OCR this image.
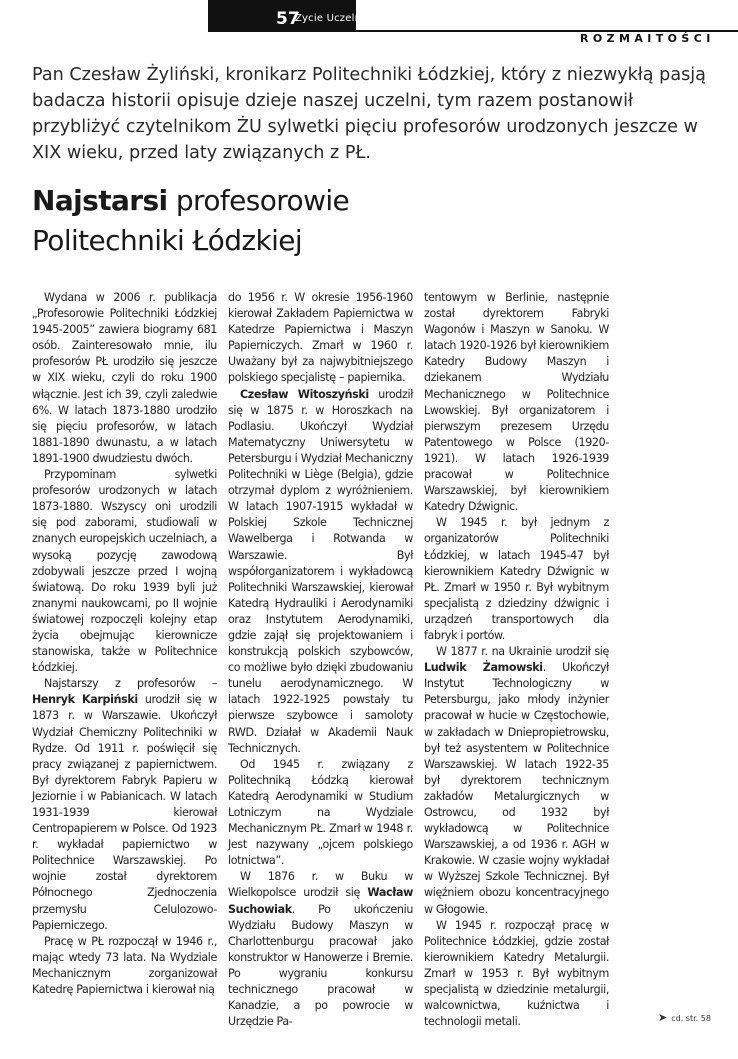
57
Życie Uczelni 3/2011
ROZMAITOŚCI
Pan Czesław Żyliński, kronikarz Politechniki Łódzkiej, który z niezwykłą pasją badacza historii opisuje dzieje naszej uczelni, tym razem postanowił przybliżyć czytelnikom ŻU sylwetki pięciu profesorów urodzonych jeszcze w XIX wieku, przed laty związanych z PŁ.
Najstarsi profesorowie
Politechniki Łódzkiej

Wydana w 2006 r. publikacja „Profesorowie Politechniki Łódzkiej 1945-2005” zawiera biogramy 681 osób. Zainteresowało mnie, ilu profesorów PŁ urodziło się jeszcze w XIX wieku, czyli do roku 1900 włącznie. Jest ich 39, czyli zaledwie 6%. W latach 1873-1880 urodziło się pięciu profesorów, w latach 1881-1890 dwunastu, a w latach 1891-1900 dwudziestu dwóch.

Przypominam sylwetki profesorów urodzonych w latach 1873-1880. Wszyscy oni urodzili się pod zaborami, studiowali w znanych europejskich uczelniach, a wysoką pozycję zawodową zdobywali jeszcze przed I wojną światową. Do roku 1939 byli już znanymi naukowcami, po II wojnie światowej rozpoczęli kolejny etap życia obejmując kierownicze stanowiska, także w Politechnice Łódzkiej.

Najstarszy z profesorów – Henryk Karpiński urodził się w 1873 r. w Warszawie. Ukończył Wydział Chemiczny Politechniki w Rydze. Od 1911 r. poświęcił się pracy związanej z papiernictwem. Był dyrektorem Fabryk Papieru w Jeziornie i w Pabianicach. W latach 1931-1939 kierował Centropapierem w Polsce. Od 1923 r. wykładał papiernictwo w Politechnice Warszawskiej. Po wojnie został dyrektorem Północnego Zjednoczenia przemysłu Celulozowo-Papierniczego.

Pracę w PŁ rozpoczął w 1946 r., mając wtedy 73 lata. Na Wydziale Mechanicznym zorganizował Katedrę Papiernictwa i kierował nią

do 1956 r. W okresie 1956-1960 kierował Zakładem Papiernictwa w Katedrze Papiernictwa i Maszyn Papierniczych. Zmarł w 1960 r. Uważany był za najwybitniejszego polskiego specjalistę – papiernika.

Czesław Witoszyński urodził się w 1875 r. w Horoszkach na Podlasiu. Ukończył Wydział Matematyczny Uniwersytetu w Petersburgu i Wydział Mechaniczny Politechniki w Liège (Belgia), gdzie otrzymał dyplom z wyróżnieniem. W latach 1907-1915 wykładał w Polskiej Szkole Technicznej Wawelberga i Rotwanda w Warszawie. Był współorganizatorem i wykładowcą Politechniki Warszawskiej, kierował Katedrą Hydrauliki i Aerodynamiki oraz Instytutem Aerodynamiki, gdzie zajął się projektowaniem i konstrukcją polskich szybowców, co możliwe było dzięki zbudowaniu tunelu aerodynamicznego. W latach 1922-1925 powstały tu pierwsze szybowce i samoloty RWD. Działał w Akademii Nauk Technicznych.

Od 1945 r. związany z Politechniką Łódzką kierował Katedrą Aerodynamiki w Studium Lotniczym na Wydziale Mechanicznym PŁ. Zmarł w 1948 r. Jest nazywany „ojcem polskiego lotnictwa”.

W 1876 r. w Buku w Wielkopolsce urodził się Wacław Suchowiak. Po ukończeniu Wydziału Budowy Maszyn w Charlottenburgu pracował jako konstruktor w Hanowerze i Bremie. Po wygraniu konkursu technicznego pracował w Kanadzie, a po powrocie w Urzędzie Pa-

tentowym w Berlinie, następnie został dyrektorem Fabryki Wagonów i Maszyn w Sanoku. W latach 1920-1926 był kierownikiem Katedry Budowy Maszyn i dziekanem Wydziału Mechanicznego w Politechnice Lwowskiej. Był organizatorem i pierwszym prezesem Urzędu Patentowego w Polsce (1920-1921). W latach 1926-1939 pracował w Politechnice Warszawskiej, był kierownikiem Katedry Dźwignic.

W 1945 r. był jednym z organizatorów Politechniki Łódzkiej, w latach 1945-47 był kierownikiem Katedry Dźwignic w PŁ. Zmarł w 1950 r. Był wybitnym specjalistą z dziedziny dźwignic i urządzeń transportowych dla fabryk i portów.

W 1877 r. na Ukrainie urodził się Ludwik Żamowski. Ukończył Instytut Technologiczny w Petersburgu, jako młody inżynier pracował w hucie w Częstochowie, w zakładach w Dniepropietrowsku, był też asystentem w Politechnice Warszawskiej. W latach 1922-35 był dyrektorem technicznym zakładów Metalurgicznych w Ostrowcu, od 1932 był wykładowcą w Politechnice Warszawskiej, a od 1936 r. AGH w Krakowie. W czasie wojny wykładał w Wyższej Szkole Technicznej. Był więźniem obozu koncentracyjnego w Głogowie.

W 1945 r. rozpoczął pracę w Politechnice Łódzkiej, gdzie został kierownikiem Katedry Metalurgii. Zmarł w 1953 r. Był wybitnym specjalistą w dziedzinie metalurgii, walcownictwa, kuźnictwa i technologii metali.	➤ cd. str. 58
